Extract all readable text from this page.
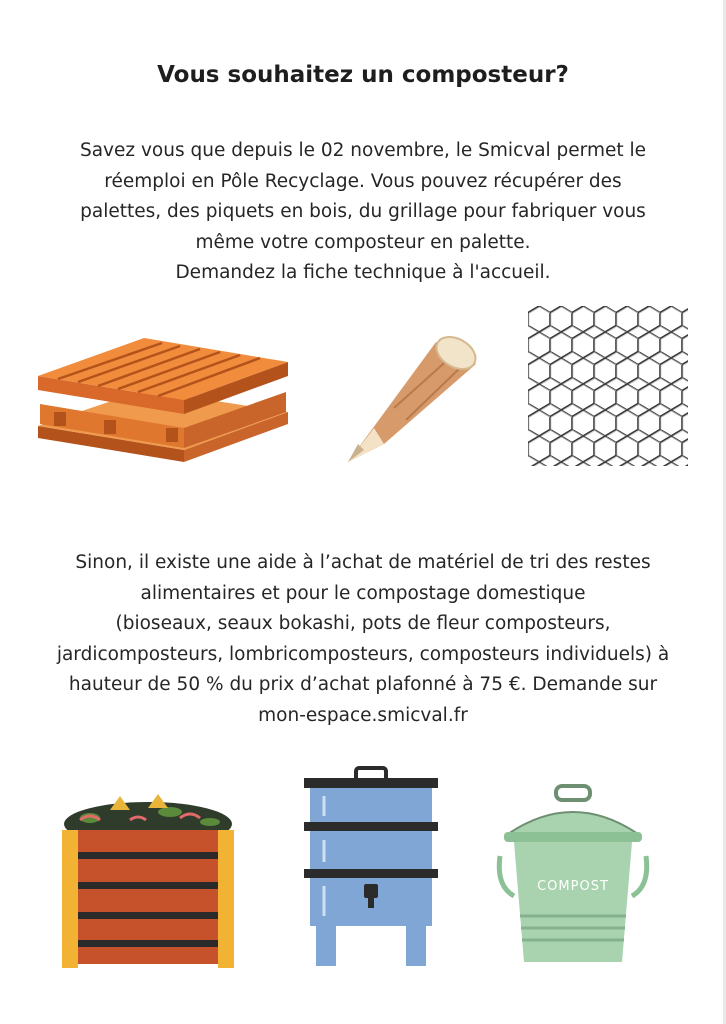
Vous souhaitez un composteur?
Savez vous que depuis le 02 novembre, le Smicval permet le
réemploi en Pôle Recyclage. Vous pouvez récupérer des
palettes, des piquets en bois, du grillage pour fabriquer vous
même votre composteur en palette.
Demandez la fiche technique à l'accueil.
Sinon, il existe une aide à l’achat de matériel de tri des restes
alimentaires et pour le compostage domestique
(bioseaux, seaux bokashi, pots de fleur composteurs,
jardicomposteurs, lombricomposteurs, composteurs individuels) à
hauteur de 50 % du prix d’achat plafonné à 75 €. Demande sur
mon-espace.smicval.fr
COMPOST
